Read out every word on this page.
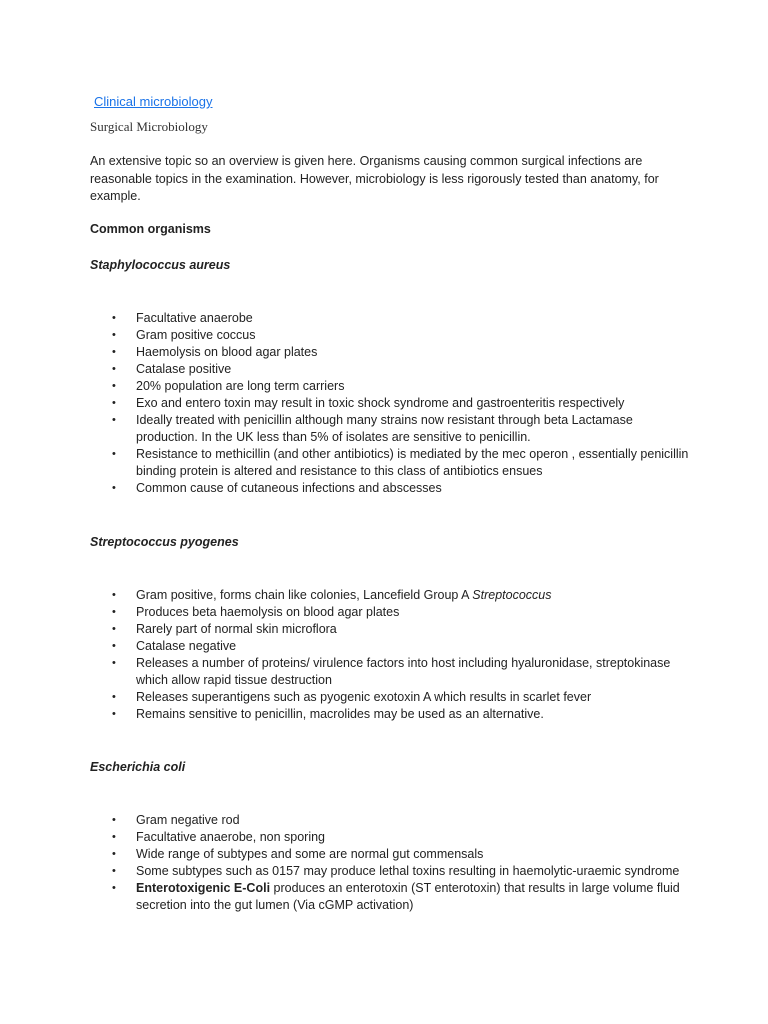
Clinical microbiology
Surgical Microbiology
An extensive topic so an overview is given here. Organisms causing common surgical infections are reasonable topics in the examination. However, microbiology is less rigorously tested than anatomy, for example.
Common organisms
Staphylococcus aureus
• Facultative anaerobe
• Gram positive coccus
• Haemolysis on blood agar plates
• Catalase positive
• 20% population are long term carriers
• Exo and entero toxin may result in toxic shock syndrome and gastroenteritis respectively
• Ideally treated with penicillin although many strains now resistant through beta Lactamase production. In the UK less than 5% of isolates are sensitive to penicillin.
• Resistance to methicillin (and other antibiotics) is mediated by the mec operon , essentially penicillin binding protein is altered and resistance to this class of antibiotics ensues
• Common cause of cutaneous infections and abscesses
Streptococcus pyogenes
• Gram positive, forms chain like colonies, Lancefield Group A Streptococcus
• Produces beta haemolysis on blood agar plates
• Rarely part of normal skin microflora
• Catalase negative
• Releases a number of proteins/ virulence factors into host including hyaluronidase, streptokinase which allow rapid tissue destruction
• Releases superantigens such as pyogenic exotoxin A which results in scarlet fever
• Remains sensitive to penicillin, macrolides may be used as an alternative.
Escherichia coli
• Gram negative rod
• Facultative anaerobe, non sporing
• Wide range of subtypes and some are normal gut commensals
• Some subtypes such as 0157 may produce lethal toxins resulting in haemolytic-uraemic syndrome
• Enterotoxigenic E-Coli produces an enterotoxin (ST enterotoxin) that results in large volume fluid secretion into the gut lumen (Via cGMP activation)
